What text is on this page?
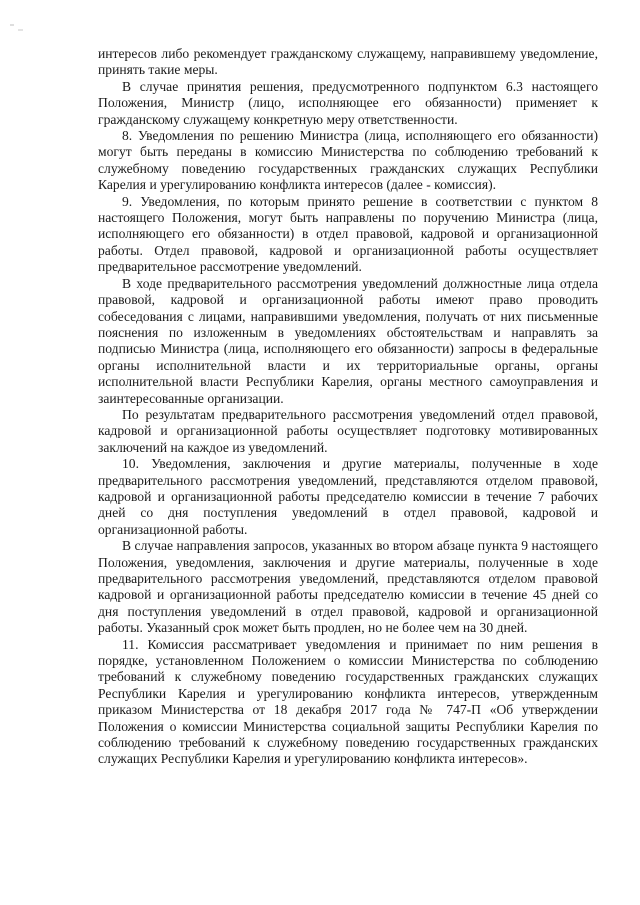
интересов либо рекомендует гражданскому служащему, направившему уведомление, принять такие меры.

В случае принятия решения, предусмотренного подпунктом 6.3 настоящего Положения, Министр (лицо, исполняющее его обязанности) применяет к гражданскому служащему конкретную меру ответственности.

8. Уведомления по решению Министра (лица, исполняющего его обязанности) могут быть переданы в комиссию Министерства по соблюдению требований к служебному поведению государственных гражданских служащих Республики Карелия и урегулированию конфликта интересов (далее - комиссия).

9. Уведомления, по которым принято решение в соответствии с пунктом 8 настоящего Положения, могут быть направлены по поручению Министра (лица, исполняющего его обязанности) в отдел правовой, кадровой и организационной работы. Отдел правовой, кадровой и организационной работы осуществляет предварительное рассмотрение уведомлений.

В ходе предварительного рассмотрения уведомлений должностные лица отдела правовой, кадровой и организационной работы имеют право проводить собеседования с лицами, направившими уведомления, получать от них письменные пояснения по изложенным в уведомлениях обстоятельствам и направлять за подписью Министра (лица, исполняющего его обязанности) запросы в федеральные органы исполнительной власти и их территориальные органы, органы исполнительной власти Республики Карелия, органы местного самоуправления и заинтересованные организации.

По результатам предварительного рассмотрения уведомлений отдел правовой, кадровой и организационной работы осуществляет подготовку мотивированных заключений на каждое из уведомлений.

10. Уведомления, заключения и другие материалы, полученные в ходе предварительного рассмотрения уведомлений, представляются отделом правовой, кадровой и организационной работы председателю комиссии в течение 7 рабочих дней со дня поступления уведомлений в отдел правовой, кадровой и организационной работы.

В случае направления запросов, указанных во втором абзаце пункта 9 настоящего Положения, уведомления, заключения и другие материалы, полученные в ходе предварительного рассмотрения уведомлений, представляются отделом правовой кадровой и организационной работы председателю комиссии в течение 45 дней со дня поступления уведомлений в отдел правовой, кадровой и организационной работы. Указанный срок может быть продлен, но не более чем на 30 дней.

11. Комиссия рассматривает уведомления и принимает по ним решения в порядке, установленном Положением о комиссии Министерства по соблюдению требований к служебному поведению государственных гражданских служащих Республики Карелия и урегулированию конфликта интересов, утвержденным приказом Министерства от 18 декабря 2017 года № 747-П «Об утверждении Положения о комиссии Министерства социальной защиты Республики Карелия по соблюдению требований к служебному поведению государственных гражданских служащих Республики Карелия и урегулированию конфликта интересов».
